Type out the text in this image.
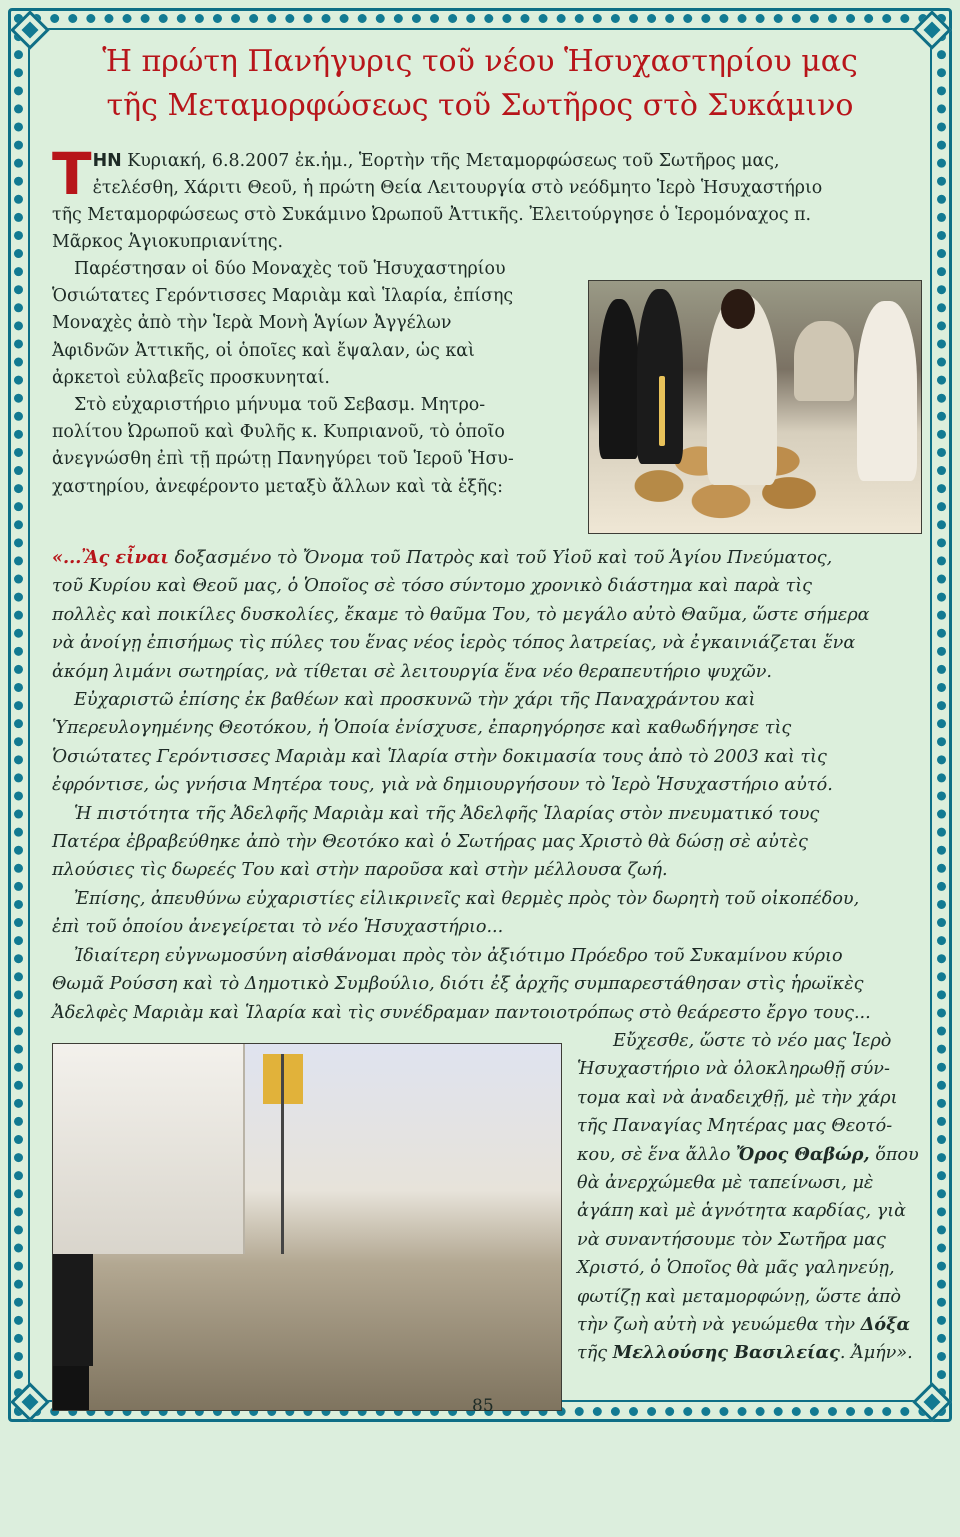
Ἡ πρώτη Πανήγυρις τοῦ νέου Ἡσυχαστηρίου μας
τῆς Μεταμορφώσεως τοῦ Σωτῆρος στὸ Συκάμινο
T ΗΝ Κυριακή, 6.8.2007 ἐκ.ἡμ., Ἑορτὴν τῆς Μεταμορφώσεως τοῦ Σωτῆρος μας,
ἐτελέσθη, Χάριτι Θεοῦ, ἡ πρώτη Θεία Λειτουργία στὸ νεόδμητο Ἱερὸ Ἡσυχαστήριο
τῆς Μεταμορφώσεως στὸ Συκάμινο Ὠρωποῦ Ἀττικῆς. Ἐλειτούργησε ὁ Ἱερομόναχος π.
Μᾶρκος Ἁγιοκυπριανίτης.
Παρέστησαν οἱ δύο Μοναχὲς τοῦ Ἡσυχαστηρίου
Ὁσιώτατες Γερόντισσες Μαριὰμ καὶ Ἱλαρία, ἐπίσης
Μοναχὲς ἀπὸ τὴν Ἱερὰ Μονὴ Ἁγίων Ἀγγέλων
Ἀφιδνῶν Ἀττικῆς, οἱ ὁποῖες καὶ ἔψαλαν, ὡς καὶ
ἀρκετοὶ εὐλαβεῖς προσκυνηταί.
Στὸ εὐχαριστήριο μήνυμα τοῦ Σεβασμ. Μητρο-
πολίτου Ὠρωποῦ καὶ Φυλῆς κ. Κυπριανοῦ, τὸ ὁποῖο
ἀνεγνώσθη ἐπὶ τῇ πρώτῃ Πανηγύρει τοῦ Ἱεροῦ Ἡσυ-
χαστηρίου, ἀνεφέροντο μεταξὺ ἄλλων καὶ τὰ ἑξῆς:
«...Ἂς εἶναι δοξασμένο τὸ Ὄνομα τοῦ Πατρὸς καὶ τοῦ Υἱοῦ καὶ τοῦ Ἁγίου Πνεύματος,
τοῦ Κυρίου καὶ Θεοῦ μας, ὁ Ὁποῖος σὲ τόσο σύντομο χρονικὸ διάστημα καὶ παρὰ τὶς
πολλὲς καὶ ποικίλες δυσκολίες, ἔκαμε τὸ θαῦμα Του, τὸ μεγάλο αὐτὸ Θαῦμα, ὥστε σήμερα
νὰ ἀνοίγῃ ἐπισήμως τὶς πύλες του ἕνας νέος ἱερὸς τόπος λατρείας, νὰ ἐγκαινιάζεται ἕνα
ἀκόμη λιμάνι σωτηρίας, νὰ τίθεται σὲ λειτουργία ἕνα νέο θεραπευτήριο ψυχῶν.
Εὐχαριστῶ ἐπίσης ἐκ βαθέων καὶ προσκυνῶ τὴν χάρι τῆς Παναχράντου καὶ
Ὑπερευλογημένης Θεοτόκου, ἡ Ὁποία ἐνίσχυσε, ἐπαρηγόρησε καὶ καθωδήγησε τὶς
Ὁσιώτατες Γερόντισσες Μαριὰμ καὶ Ἱλαρία στὴν δοκιμασία τους ἀπὸ τὸ 2003 καὶ τὶς
ἐφρόντισε, ὡς γνήσια Μητέρα τους, γιὰ νὰ δημιουργήσουν τὸ Ἱερὸ Ἡσυχαστήριο αὐτό.
Ἡ πιστότητα τῆς Ἀδελφῆς Μαριὰμ καὶ τῆς Ἀδελφῆς Ἱλαρίας στὸν πνευματικό τους
Πατέρα ἐβραβεύθηκε ἀπὸ τὴν Θεοτόκο καὶ ὁ Σωτήρας μας Χριστὸ θὰ δώσῃ σὲ αὐτὲς
πλούσιες τὶς δωρεές Του καὶ στὴν παροῦσα καὶ στὴν μέλλουσα ζωή.
Ἐπίσης, ἀπευθύνω εὐχαριστίες εἰλικρινεῖς καὶ θερμὲς πρὸς τὸν δωρητὴ τοῦ οἰκοπέδου,
ἐπὶ τοῦ ὁποίου ἀνεγείρεται τὸ νέο Ἡσυχαστήριο...
Ἰδιαίτερη εὐγνωμοσύνη αἰσθάνομαι πρὸς τὸν ἀξιότιμο Πρόεδρο τοῦ Συκαμίνου κύριο
Θωμᾶ Ρούσση καὶ τὸ Δημοτικὸ Συμβούλιο, διότι ἐξ ἀρχῆς συμπαρεστάθησαν στὶς ἡρωϊκὲς
Ἀδελφὲς Μαριὰμ καὶ Ἱλαρία καὶ τὶς συνέδραμαν παντοιοτρόπως στὸ θεάρεστο ἔργο τους...
Εὔχεσθε, ὥστε τὸ νέο μας Ἱερὸ
Ἡσυχαστήριο νὰ ὁλοκληρωθῇ σύν-
τομα καὶ νὰ ἀναδειχθῇ, μὲ τὴν χάρι
τῆς Παναγίας Μητέρας μας Θεοτό-
κου, σὲ ἕνα ἄλλο Ὄρος Θαβώρ, ὅπου
θὰ ἀνερχώμεθα μὲ ταπείνωσι, μὲ
ἀγάπη καὶ μὲ ἁγνότητα καρδίας, γιὰ
νὰ συναντήσουμε τὸν Σωτῆρα μας
Χριστό, ὁ Ὁποῖος θὰ μᾶς γαληνεύῃ,
φωτίζῃ καὶ μεταμορφώνῃ, ὥστε ἀπὸ
τὴν ζωὴ αὐτὴ νὰ γευώμεθα τὴν Δόξα
τῆς Μελλούσης Βασιλείας. Ἀμήν».
85
